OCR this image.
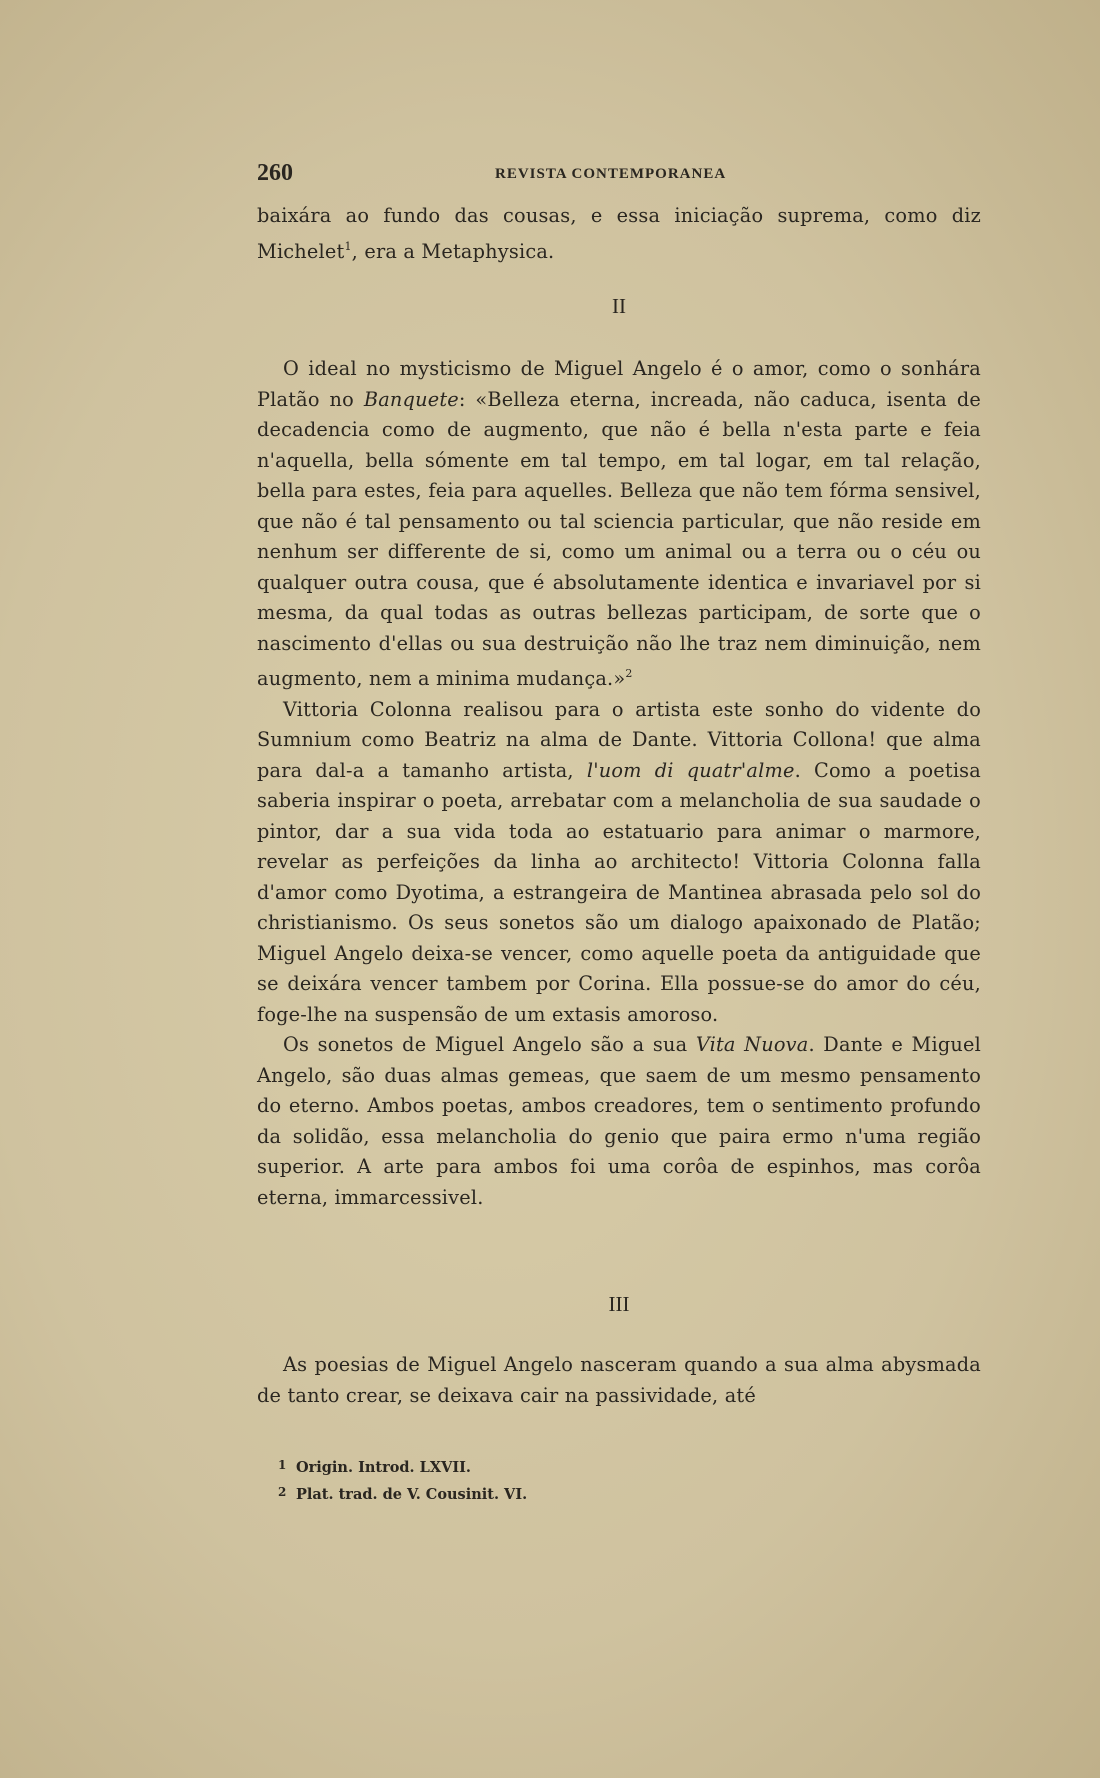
260	REVISTA CONTEMPORANEA

baixára ao fundo das cousas, e essa iniciação suprema, como diz Michelet$^1$, era a Metaphysica.

II

O ideal no mysticismo de Miguel Angelo é o amor, como o sonhára Platão no Banquete: «Belleza eterna, increada, não caduca, isenta de decadencia como de augmento, que não é bella n'esta parte e feia n'aquella, bella sómente em tal tempo, em tal logar, em tal relação, bella para estes, feia para aquelles. Belleza que não tem fórma sensivel, que não é tal pensamento ou tal sciencia particular, que não reside em nenhum ser differente de si, como um animal ou a terra ou o céu ou qualquer outra cousa, que é absolutamente identica e invariavel por si mesma, da qual todas as outras bellezas participam, de sorte que o nascimento d'ellas ou sua destruição não lhe traz nem diminuição, nem augmento, nem a minima mudança.»$^2$

Vittoria Colonna realisou para o artista este sonho do vidente do Sumnium como Beatriz na alma de Dante. Vittoria Collona! que alma para dal-a a tamanho artista, l'uom di quatr'alme. Como a poetisa saberia inspirar o poeta, arrebatar com a melancholia de sua saudade o pintor, dar a sua vida toda ao estatuario para animar o marmore, revelar as perfeições da linha ao architecto! Vittoria Colonna falla d'amor como Dyotima, a estrangeira de Mantinea abrasada pelo sol do christianismo. Os seus sonetos são um dialogo apaixonado de Platão; Miguel Angelo deixa-se vencer, como aquelle poeta da antiguidade que se deixára vencer tambem por Corina. Ella possue-se do amor do céu, foge-lhe na suspensão de um extasis amoroso.

Os sonetos de Miguel Angelo são a sua Vita Nuova. Dante e Miguel Angelo, são duas almas gemeas, que saem de um mesmo pensamento do eterno. Ambos poetas, ambos creadores, tem o sentimento profundo da solidão, essa melancholia do genio que paira ermo n'uma região superior. A arte para ambos foi uma corôa de espinhos, mas corôa eterna, immarcessivel.

III

As poesias de Miguel Angelo nasceram quando a sua alma abysmada de tanto crear, se deixava cair na passividade, até

1 Origin. Introd. LXVII.

2 Plat. trad. de V. Cousinit. VI.
